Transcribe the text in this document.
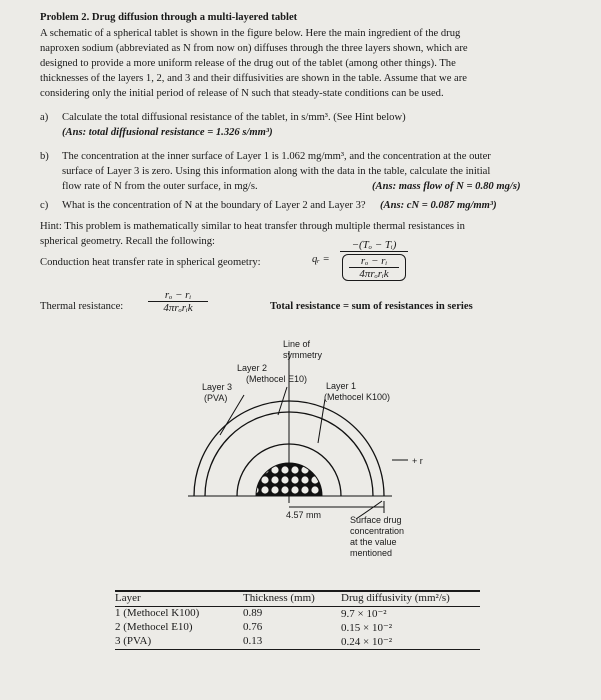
Problem 2. Drug diffusion through a multi-layered tablet
A schematic of a spherical tablet is shown in the figure below. Here the main ingredient of the drug
naproxen sodium (abbreviated as N from now on) diffuses through the three layers shown, which are
designed to provide a more uniform release of the drug out of the tablet (among other things). The
thicknesses of the layers 1, 2, and 3 and their diffusivities are shown in the table. Assume that we are
considering only the initial period of release of N such that steady-state conditions can be used.
a) Calculate the total diffusional resistance of the tablet, in s/mm³. (See Hint below)
(Ans: total diffusional resistance = 1.326 s/mm³)
b) The concentration at the inner surface of Layer 1 is 1.062 mg/mm³, and the concentration at the outer
surface of Layer 3 is zero. Using this information along with the data in the table, calculate the initial
flow rate of N from the outer surface, in mg/s.	(Ans: mass flow of N = 0.80 mg/s)
c) What is the concentration of N at the boundary of Layer 2 and Layer 3? (Ans: cN = 0.087 mg/mm³)
Hint: This problem is mathematically similar to heat transfer through multiple thermal resistances in
spherical geometry. Recall the following:
Conduction heat transfer rate in spherical geometry:	qᵣ =
−(Tₒ − Tᵢ)
rₒ − rᵢ
4πrₒrᵢk
Thermal resistance:
rₒ − rᵢ
4πrₒrᵢk	Total resistance = sum of resistances in series
Line of
symmetry
Layer 2
(Methocel E10)
Layer 3
(PVA)
Layer 1
(Methocel K100)
+ r
4.57 mm	Surface drug
concentration
at the value
mentioned
Layer	Thickness (mm)	Drug diffusivity (mm²/s)
1 (Methocel K100)	0.89	9.7 × 10⁻²
2 (Methocel E10)	0.76	0.15 × 10⁻²
3 (PVA)	0.13	0.24 × 10⁻²
